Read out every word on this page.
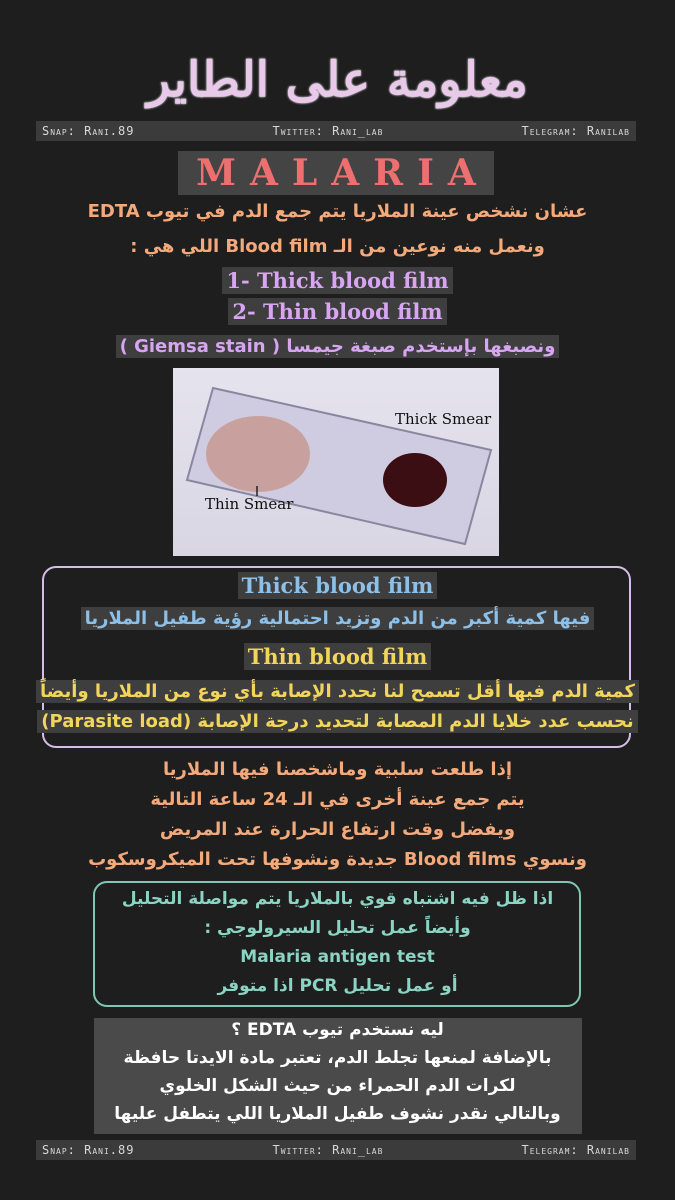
معلومة على الطاير
Snap: Rani.89	Twitter: Rani_lab	Telegram: Ranilab
MALARIA
عشان نشخص عينة الملاريا يتم جمع الدم في تيوب EDTA
ونعمل منه نوعين من الـ Blood film اللي هي :
1- Thick blood film
2- Thin blood film
ونصبغها بإستخدم صبغة جيمسا ( Giemsa stain )
Thick Smear
Thin Smear
Thick blood film
فيها كمية أكبر من الدم وتزيد احتمالية رؤية طفيل الملاريا
Thin blood film
كمية الدم فيها أقل تسمح لنا نحدد الإصابة بأي نوع من الملاريا وأيضاً
نحسب عدد خلايا الدم المصابة لتحديد درجة الإصابة (Parasite load)
إذا طلعت سلبية وماشخصنا فيها الملاريا
يتم جمع عينة أخرى في الـ 24 ساعة التالية
ويفضل وقت ارتفاع الحرارة عند المريض
ونسوي Blood films جديدة ونشوفها تحت الميكروسكوب
اذا ظل فيه اشتباه قوي بالملاريا يتم مواصلة التحليل
وأيضاً عمل تحليل السيرولوجي :
Malaria antigen test
أو عمل تحليل PCR اذا متوفر
ليه نستخدم تيوب EDTA ؟
بالإضافة لمنعها تجلط الدم، تعتبر مادة الايدتا حافظة
لكرات الدم الحمراء من حيث الشكل الخلوي
وبالتالي نقدر نشوف طفيل الملاريا اللي يتطفل عليها
Snap: Rani.89	Twitter: Rani_lab	Telegram: Ranilab
